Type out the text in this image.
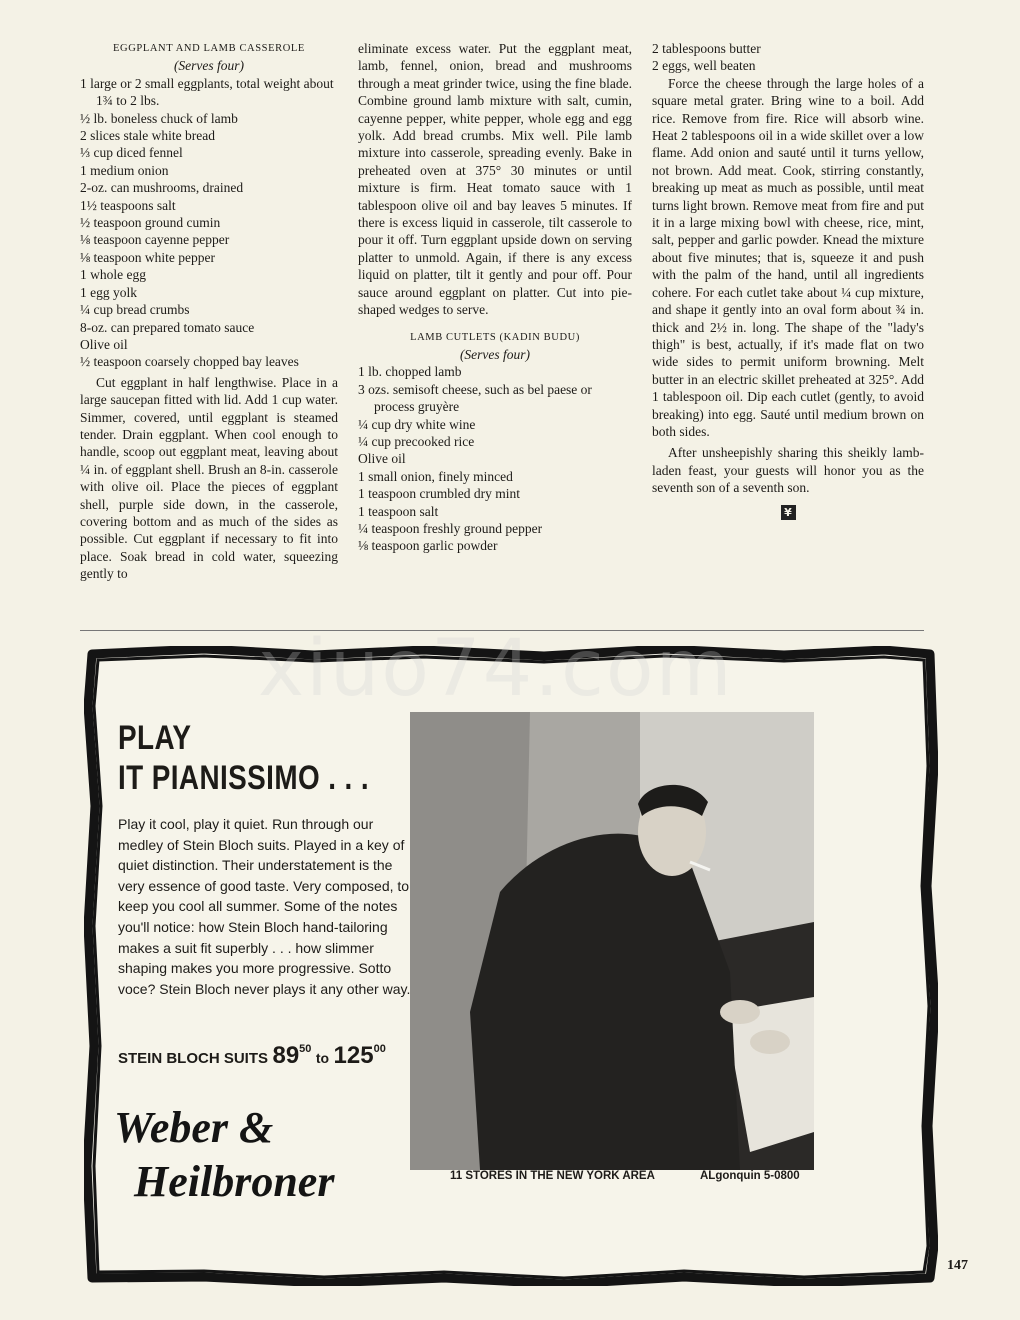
EGGPLANT AND LAMB CASSEROLE

(Serves four)

1 large or 2 small eggplants, total weight about 1¾ to 2 lbs.

½ lb. boneless chuck of lamb

2 slices stale white bread

⅓ cup diced fennel

1 medium onion

2-oz. can mushrooms, drained

1½ teaspoons salt

½ teaspoon ground cumin

⅛ teaspoon cayenne pepper

⅛ teaspoon white pepper

1 whole egg

1 egg yolk

¼ cup bread crumbs

8-oz. can prepared tomato sauce

Olive oil

½ teaspoon coarsely chopped bay leaves

Cut eggplant in half lengthwise. Place in a large saucepan fitted with lid. Add 1 cup water. Simmer, covered, until eggplant is steamed tender. Drain eggplant. When cool enough to handle, scoop out eggplant meat, leaving about ¼ in. of eggplant shell. Brush an 8-in. casserole with olive oil. Place the pieces of eggplant shell, purple side down, in the casserole, covering bottom and as much of the sides as possible. Cut eggplant if necessary to fit into place. Soak bread in cold water, squeezing gently to

eliminate excess water. Put the eggplant meat, lamb, fennel, onion, bread and mushrooms through a meat grinder twice, using the fine blade. Combine ground lamb mixture with salt, cumin, cayenne pepper, white pepper, whole egg and egg yolk. Add bread crumbs. Mix well. Pile lamb mixture into casserole, spreading evenly. Bake in preheated oven at 375° 30 minutes or until mixture is firm. Heat tomato sauce with 1 tablespoon olive oil and bay leaves 5 minutes. If there is excess liquid in casserole, tilt casserole to pour it off. Turn eggplant upside down on serving platter to unmold. Again, if there is any excess liquid on platter, tilt it gently and pour off. Pour sauce around eggplant on platter. Cut into pie-shaped wedges to serve.

LAMB CUTLETS (KADIN BUDU)

(Serves four)

1 lb. chopped lamb

3 ozs. semisoft cheese, such as bel paese or process gruyère

¼ cup dry white wine

¼ cup precooked rice

Olive oil

1 small onion, finely minced

1 teaspoon crumbled dry mint

1 teaspoon salt

¼ teaspoon freshly ground pepper

⅛ teaspoon garlic powder

2 tablespoons butter

2 eggs, well beaten

Force the cheese through the large holes of a square metal grater. Bring wine to a boil. Add rice. Remove from fire. Rice will absorb wine. Heat 2 tablespoons oil in a wide skillet over a low flame. Add onion and sauté until it turns yellow, not brown. Add meat. Cook, stirring constantly, breaking up meat as much as possible, until meat turns light brown. Remove meat from fire and put it in a large mixing bowl with cheese, rice, mint, salt, pepper and garlic powder. Knead the mixture about five minutes; that is, squeeze it and push with the palm of the hand, until all ingredients cohere. For each cutlet take about ¼ cup mixture, and shape it gently into an oval form about ¾ in. thick and 2½ in. long. The shape of the "lady's thigh" is best, actually, if it's made flat on two wide sides to permit uniform browning. Melt butter in an electric skillet preheated at 325°. Add 1 tablespoon oil. Dip each cutlet (gently, to avoid breaking) into egg. Sauté until medium brown on both sides.

After unsheepishly sharing this sheikly lamb-laden feast, your guests will honor you as the seventh son of a seventh son.

¥
PLAY
IT PIANISSIMO . . .

Play it cool, play it quiet. Run through our medley of Stein Bloch suits. Played in a key of quiet distinction. Their understatement is the very essence of good taste. Very composed, to keep you cool all summer. Some of the notes you'll notice: how Stein Bloch hand-tailoring makes a suit fit superbly . . . how slimmer shaping makes you more progressive. Sotto voce? Stein Bloch never plays it any other way.

STEIN BLOCH SUITS $89^{50}$ to $125^{00}$
Weber &
Heilbroner	11 STORES IN THE NEW YORK AREA	ALgonquin 5-0800
xiuo74.com
147
